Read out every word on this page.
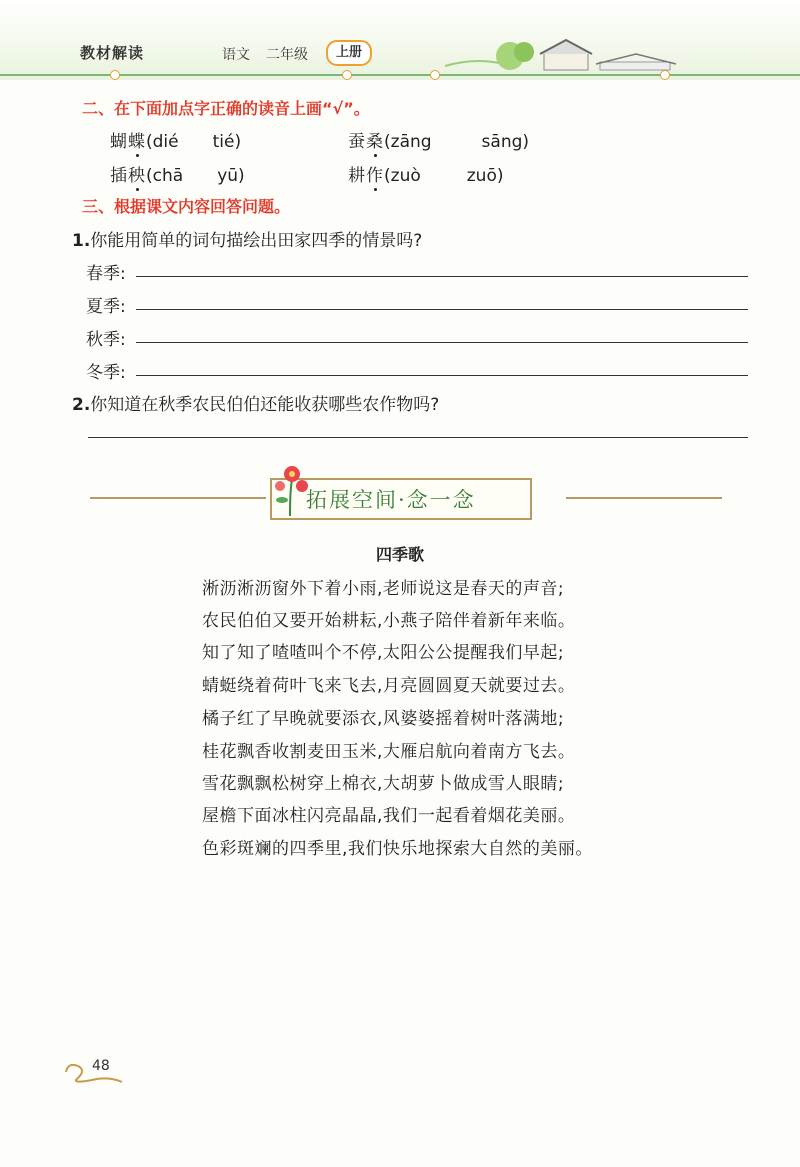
教材解读	语文 二年级	上册
二、在下面加点字正确的读音上画“√”。
蝴蝶(dié tié)	蚕桑(zāng	sāng)
插秧(chā yū)	耕作(zuò	zuō)
三、根据课文内容回答问题。
1.你能用简单的词句描绘出田家四季的情景吗?
春季:
夏季:
秋季:
冬季:
2.你知道在秋季农民伯伯还能收获哪些农作物吗?
拓展空间·念一念
四季歌
淅沥淅沥窗外下着小雨,老师说这是春天的声音;
农民伯伯又要开始耕耘,小燕子陪伴着新年来临。
知了知了喳喳叫个不停,太阳公公提醒我们早起;
蜻蜓绕着荷叶飞来飞去,月亮圆圆夏天就要过去。
橘子红了早晚就要添衣,风婆婆摇着树叶落满地;
桂花飘香收割麦田玉米,大雁启航向着南方飞去。
雪花飘飘松树穿上棉衣,大胡萝卜做成雪人眼睛;
屋檐下面冰柱闪亮晶晶,我们一起看着烟花美丽。
色彩斑斓的四季里,我们快乐地探索大自然的美丽。
48
